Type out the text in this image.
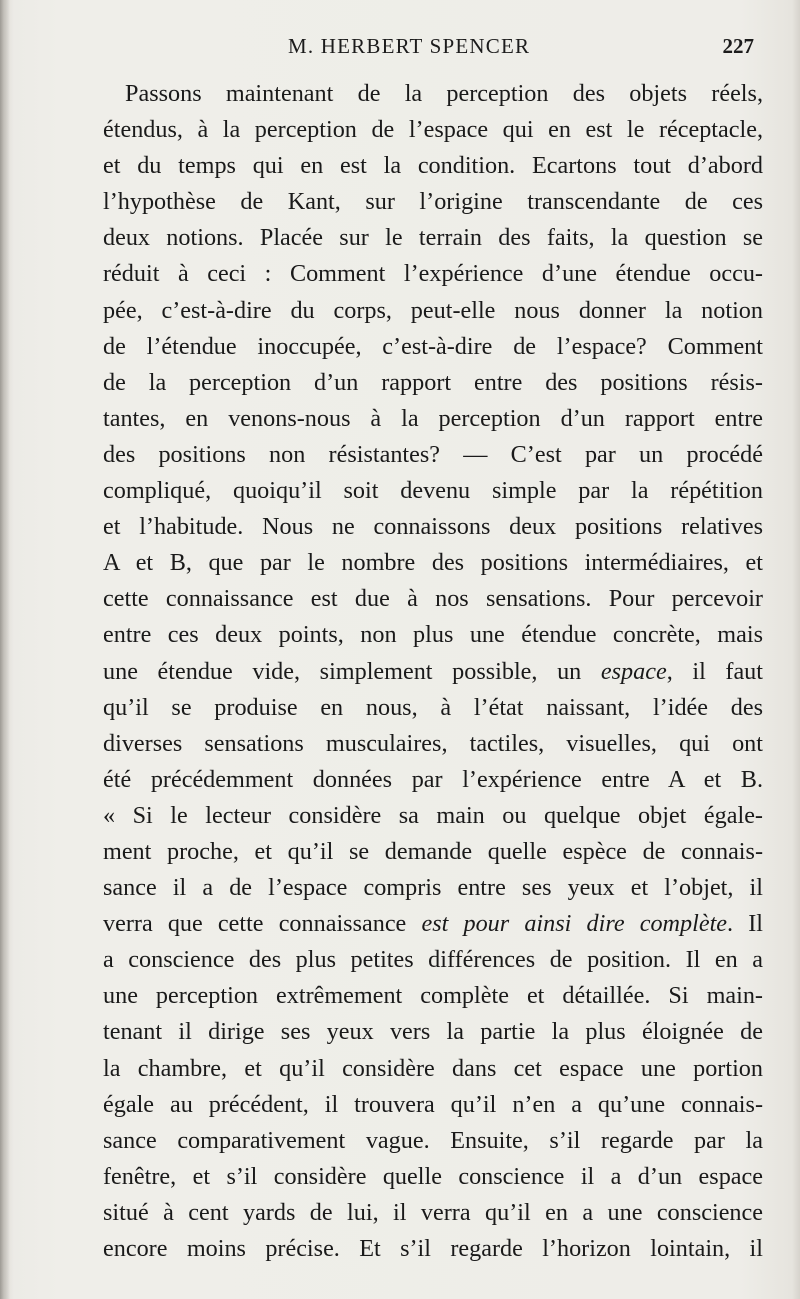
M. HERBERT SPENCER	227
Passons maintenant de la perception des objets réels,
étendus, à la perception de l’espace qui en est le réceptacle,
et du temps qui en est la condition. Ecartons tout d’abord
l’hypothèse de Kant, sur l’origine transcendante de ces
deux notions. Placée sur le terrain des faits, la question se
réduit à ceci : Comment l’expérience d’une étendue occu-
pée, c’est-à-dire du corps, peut-elle nous donner la notion
de l’étendue inoccupée, c’est-à-dire de l’espace? Comment
de la perception d’un rapport entre des positions résis-
tantes, en venons-nous à la perception d’un rapport entre
des positions non résistantes? — C’est par un procédé
compliqué, quoiqu’il soit devenu simple par la répétition
et l’habitude. Nous ne connaissons deux positions relatives
A et B, que par le nombre des positions intermédiaires, et
cette connaissance est due à nos sensations. Pour percevoir
entre ces deux points, non plus une étendue concrète, mais
une étendue vide, simplement possible, un espace, il faut
qu’il se produise en nous, à l’état naissant, l’idée des
diverses sensations musculaires, tactiles, visuelles, qui ont
été précédemment données par l’expérience entre A et B.
« Si le lecteur considère sa main ou quelque objet égale-
ment proche, et qu’il se demande quelle espèce de connais-
sance il a de l’espace compris entre ses yeux et l’objet, il
verra que cette connaissance est pour ainsi dire complète. Il
a conscience des plus petites différences de position. Il en a
une perception extrêmement complète et détaillée. Si main-
tenant il dirige ses yeux vers la partie la plus éloignée de
la chambre, et qu’il considère dans cet espace une portion
égale au précédent, il trouvera qu’il n’en a qu’une connais-
sance comparativement vague. Ensuite, s’il regarde par la
fenêtre, et s’il considère quelle conscience il a d’un espace
situé à cent yards de lui, il verra qu’il en a une conscience
encore moins précise. Et s’il regarde l’horizon lointain, il
